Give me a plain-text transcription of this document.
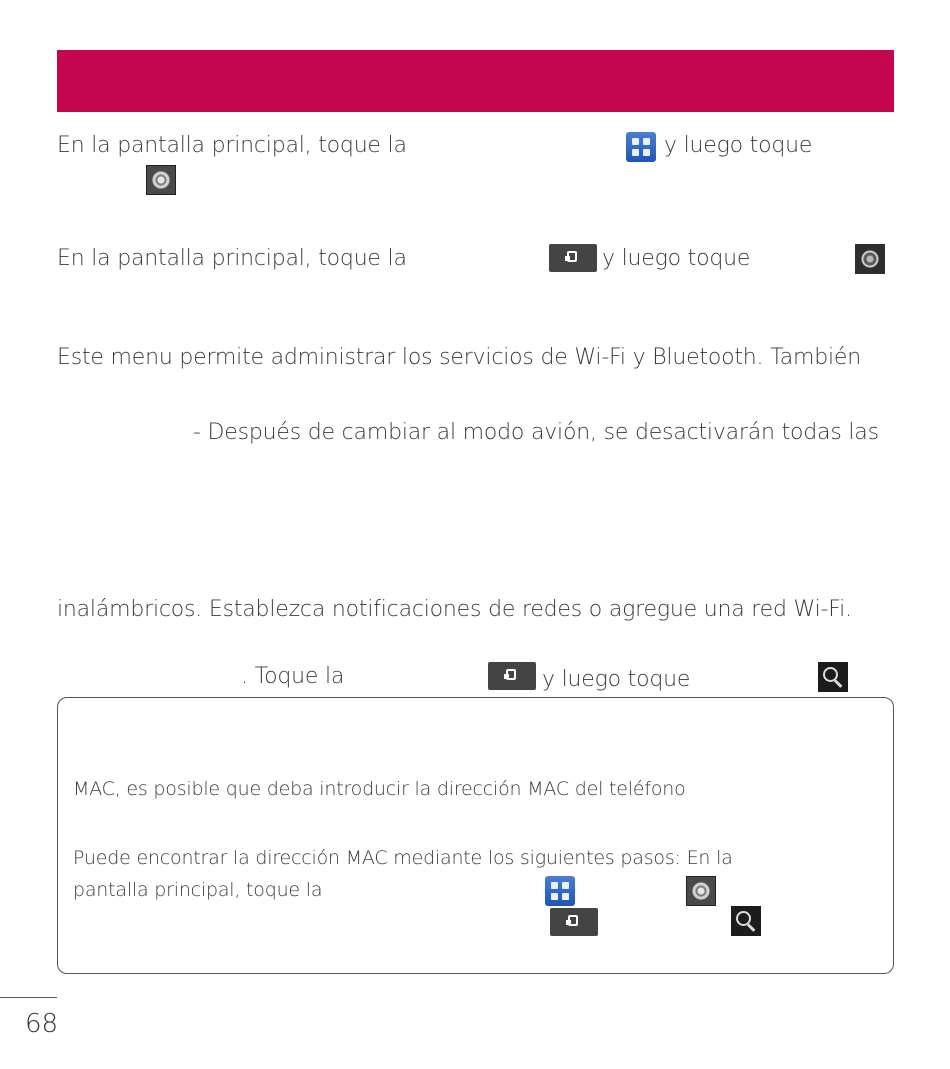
En la pantalla principal, toque la	y luego toque
En la pantalla principal, toque la	y luego toque
Este menu permite administrar los servicios de Wi-Fi y Bluetooth. También
- Después de cambiar al modo avión, se desactivarán todas las
inalámbricos. Establezca notificaciones de redes o agregue una red Wi-Fi.
. Toque la	y luego toque
MAC, es posible que deba introducir la dirección MAC del teléfono
Puede encontrar la dirección MAC mediante los siguientes pasos: En la
pantalla principal, toque la
68
